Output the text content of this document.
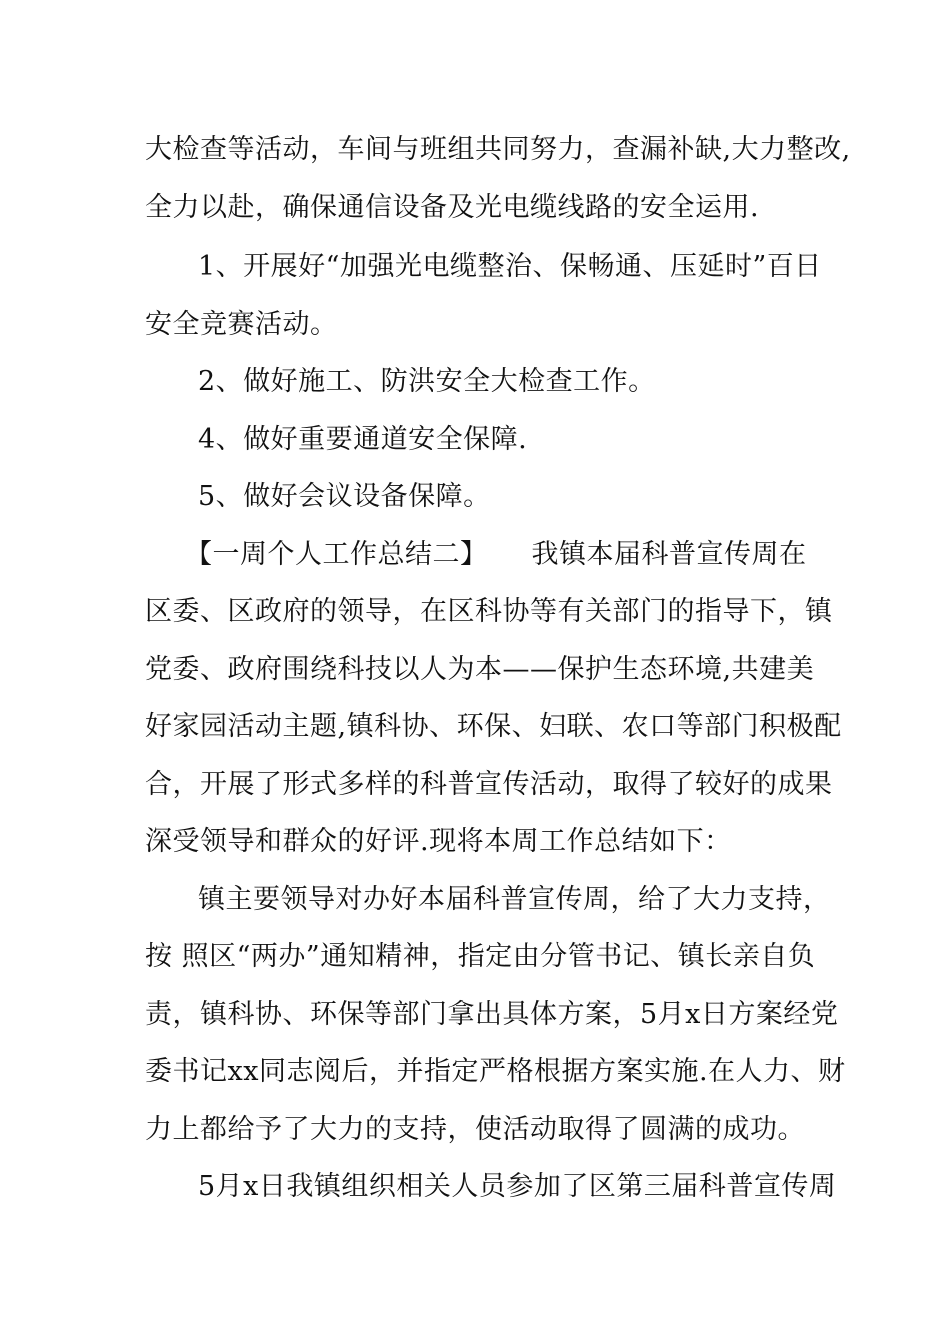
大检查等活动，车间与班组共同努力，查漏补缺,大力整改,
全力以赴，确保通信设备及光电缆线路的安全运用.
1、开展好“加强光电缆整治、保畅通、压延时”百日
安全竞赛活动。
2、做好施工、防洪安全大检查工作。
4、做好重要通道安全保障.
5、做好会议设备保障。
【一周个人工作总结二】 我镇本届科普宣传周在
区委、区政府的领导，在区科协等有关部门的指导下，镇
党委、政府围绕科技以人为本——保护生态环境,共建美
好家园活动主题,镇科协、环保、妇联、农口等部门积极配
合，开展了形式多样的科普宣传活动，取得了较好的成果
深受领导和群众的好评.现将本周工作总结如下：
镇主要领导对办好本届科普宣传周，给了大力支持，
按 照区“两办”通知精神，指定由分管书记、镇长亲自负
责，镇科协、环保等部门拿出具体方案，5月x日方案经党
委书记xx同志阅后，并指定严格根据方案实施.在人力、财
力上都给予了大力的支持，使活动取得了圆满的成功。
5月x日我镇组织相关人员参加了区第三届科普宣传周
